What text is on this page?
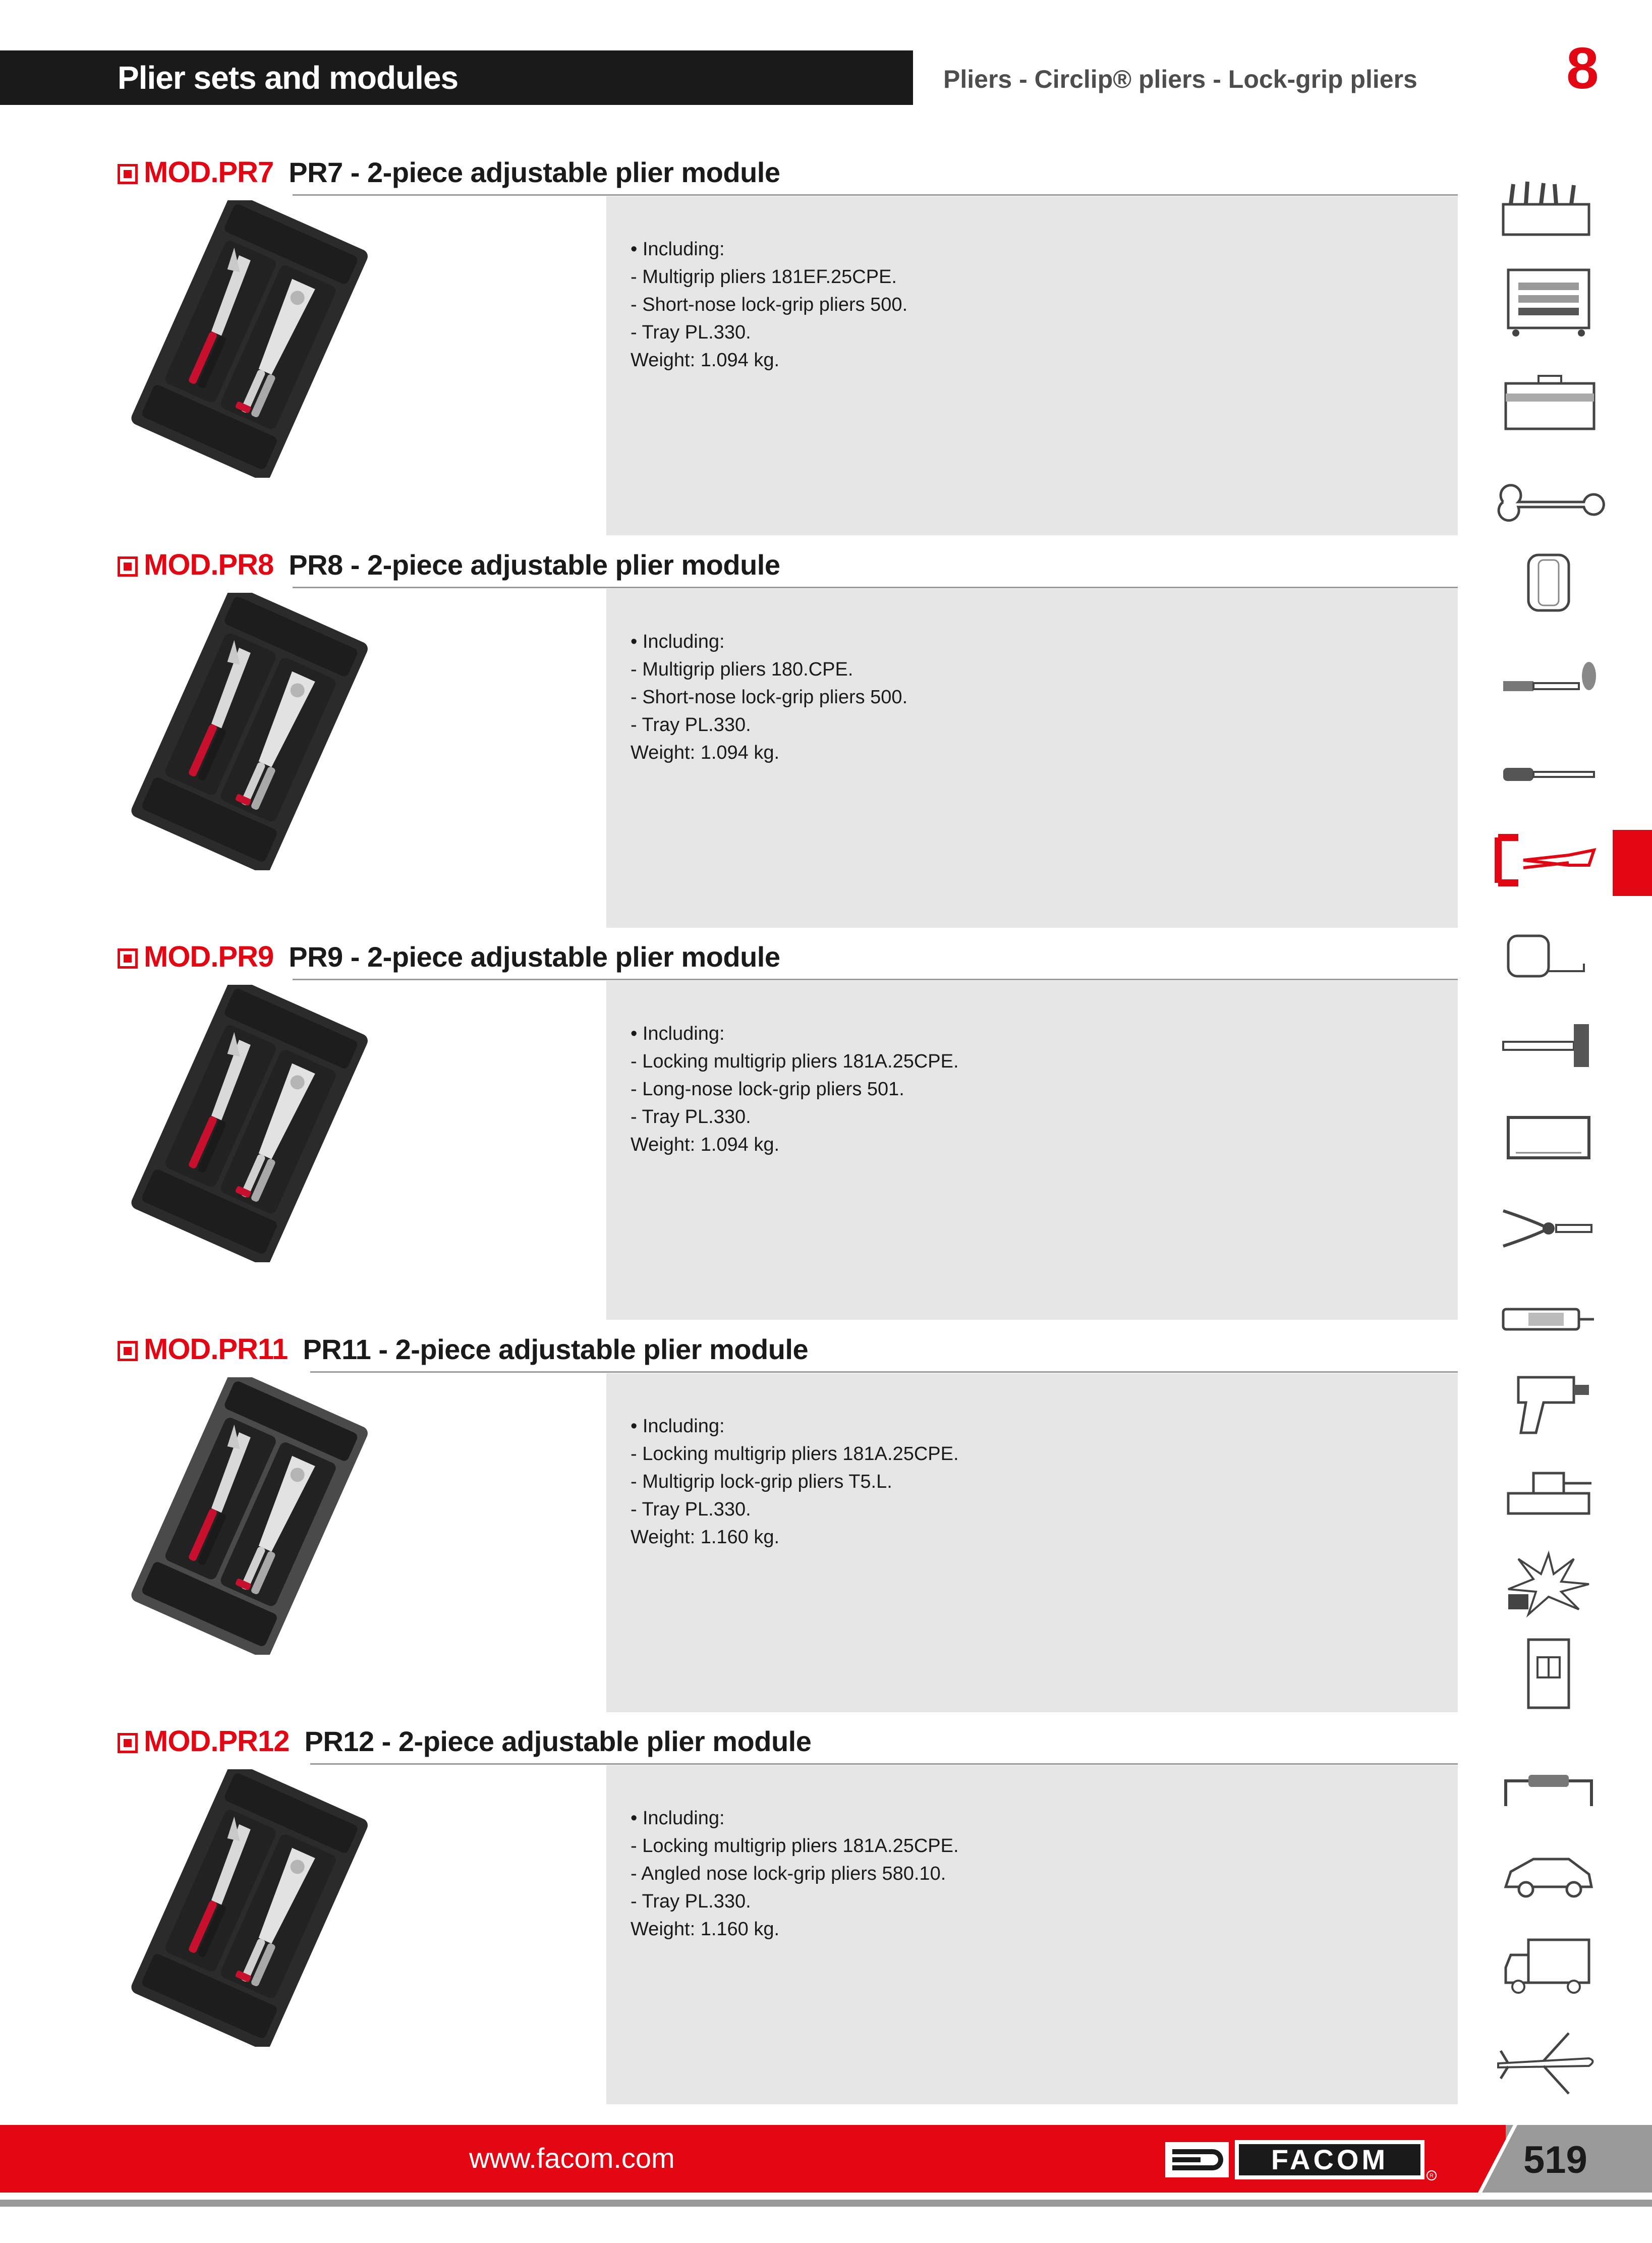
Plier sets and modules	Pliers - Circlip® pliers - Lock-grip pliers	8
MOD.PR7 PR7 - 2-piece adjustable plier module
• Including:
- Multigrip pliers 181EF.25CPE.
- Short-nose lock-grip pliers 500.
- Tray PL.330.
Weight: 1.094 kg.
MOD.PR8 PR8 - 2-piece adjustable plier module
• Including:
- Multigrip pliers 180.CPE.
- Short-nose lock-grip pliers 500.
- Tray PL.330.
Weight: 1.094 kg.
MOD.PR9 PR9 - 2-piece adjustable plier module
• Including:
- Locking multigrip pliers 181A.25CPE.
- Long-nose lock-grip pliers 501.
- Tray PL.330.
Weight: 1.094 kg.
MOD.PR11 PR11 - 2-piece adjustable plier module
• Including:
- Locking multigrip pliers 181A.25CPE.
- Multigrip lock-grip pliers T5.L.
- Tray PL.330.
Weight: 1.160 kg.
MOD.PR12 PR12 - 2-piece adjustable plier module
• Including:
- Locking multigrip pliers 181A.25CPE.
- Angled nose lock-grip pliers 580.10.
- Tray PL.330.
Weight: 1.160 kg.
www.facom.com	FACOM
R 519
